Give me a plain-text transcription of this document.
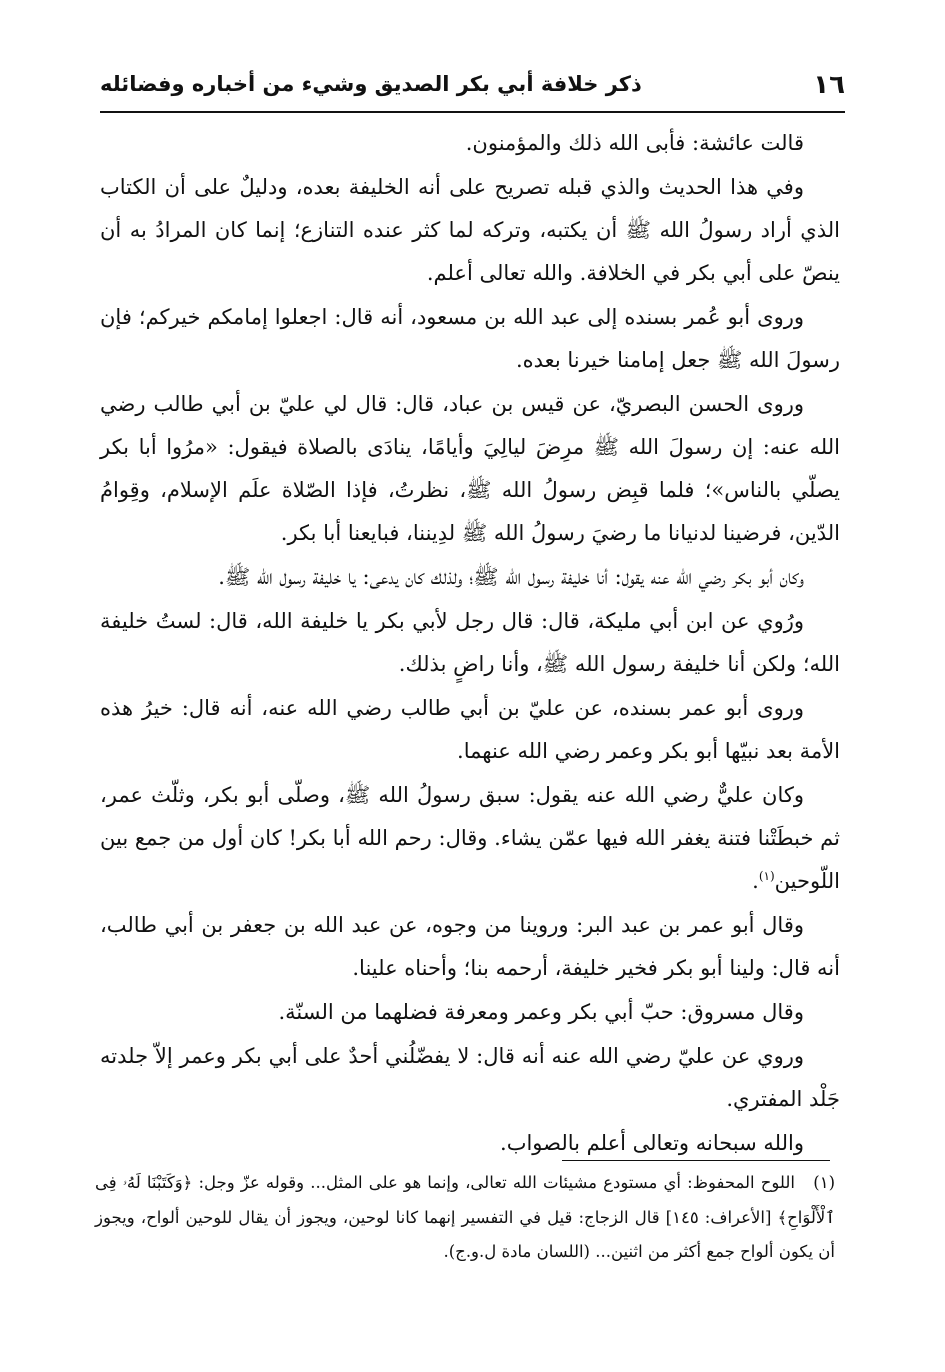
ذكر خلافة أبي بكر الصديق وشيء من أخباره وفضائله	١٦

قالت عائشة: فأبى الله ذلك والمؤمنون.

وفي هذا الحديث والذي قبله تصريح على أنه الخليفة بعده، ودليلٌ على أن الكتاب الذي أراد رسولُ الله ﷺ أن يكتبه، وتركه لما كثر عنده التنازع؛ إنما كان المرادُ به أن ينصّ على أبي بكر في الخلافة. والله تعالى أعلم.

وروى أبو عُمر بسنده إلى عبد الله بن مسعود، أنه قال: اجعلوا إمامكم خيركم؛ فإن رسولَ الله ﷺ جعل إمامنا خيرنا بعده.

وروى الحسن البصريّ، عن قيس بن عباد، قال: قال لي عليّ بن أبي طالب رضي الله عنه: إن رسولَ الله ﷺ مرِضَ ليالِيَ وأيامًا، ينادَى بالصلاة فيقول: «مرُوا أبا بكر يصلّي بالناس»؛ فلما قبِض رسولُ الله ﷺ، نظرتُ، فإذا الصّلاة علَم الإسلام، وقِوامُ الدّين، فرضينا لدنيانا ما رضيَ رسولُ الله ﷺ لدِيننا، فبايعنا أبا بكر.

وكان أبو بكر رضي الله عنه يقول: أنا خليفة رسول الله ﷺ؛ ولذلك كان يدعى: يا خليفة رسول الله ﷺ.

ورُوي عن ابن أبي مليكة، قال: قال رجل لأبي بكر يا خليفة الله، قال: لستُ خليفة الله؛ ولكن أنا خليفة رسول الله ﷺ، وأنا راضٍ بذلك.

وروى أبو عمر بسنده، عن عليّ بن أبي طالب رضي الله عنه، أنه قال: خيرُ هذه الأمة بعد نبيّها أبو بكر وعمر رضي الله عنهما.

وكان عليٌّ رضي الله عنه يقول: سبق رسولُ الله ﷺ، وصلّى أبو بكر، وثلّث عمر، ثم خبطَتْنا فتنة يغفر الله فيها عمّن يشاء. وقال: رحم الله أبا بكر! كان أول من جمع بين اللّوحين$^{(١)}$.

وقال أبو عمر بن عبد البر: وروينا من وجوه، عن عبد الله بن جعفر بن أبي طالب، أنه قال: ولينا أبو بكر فخير خليفة، أرحمه بنا؛ وأحناه علينا.

وقال مسروق: حبّ أبي بكر وعمر ومعرفة فضلهما من السنّة.

وروي عن عليّ رضي الله عنه أنه قال: لا يفضّلُني أحدٌ على أبي بكر وعمر إلاّ جلدته جَلْد المفتري.

والله سبحانه وتعالى أعلم بالصواب.

(١)اللوح المحفوظ: أي مستودع مشيئات الله تعالى، وإنما هو على المثل... وقوله عزّ وجل: ﴿وَكَتَبْنَا لَهُۥ فِى ٱلْأَلْوَاحِ﴾ [الأعراف: ١٤٥] قال الزجاج: قيل في التفسير إنهما كانا لوحين، ويجوز أن يقال للوحين ألواح، ويجوز أن يكون ألواح جمع أكثر من اثنين... (اللسان مادة ل.و.ج).
